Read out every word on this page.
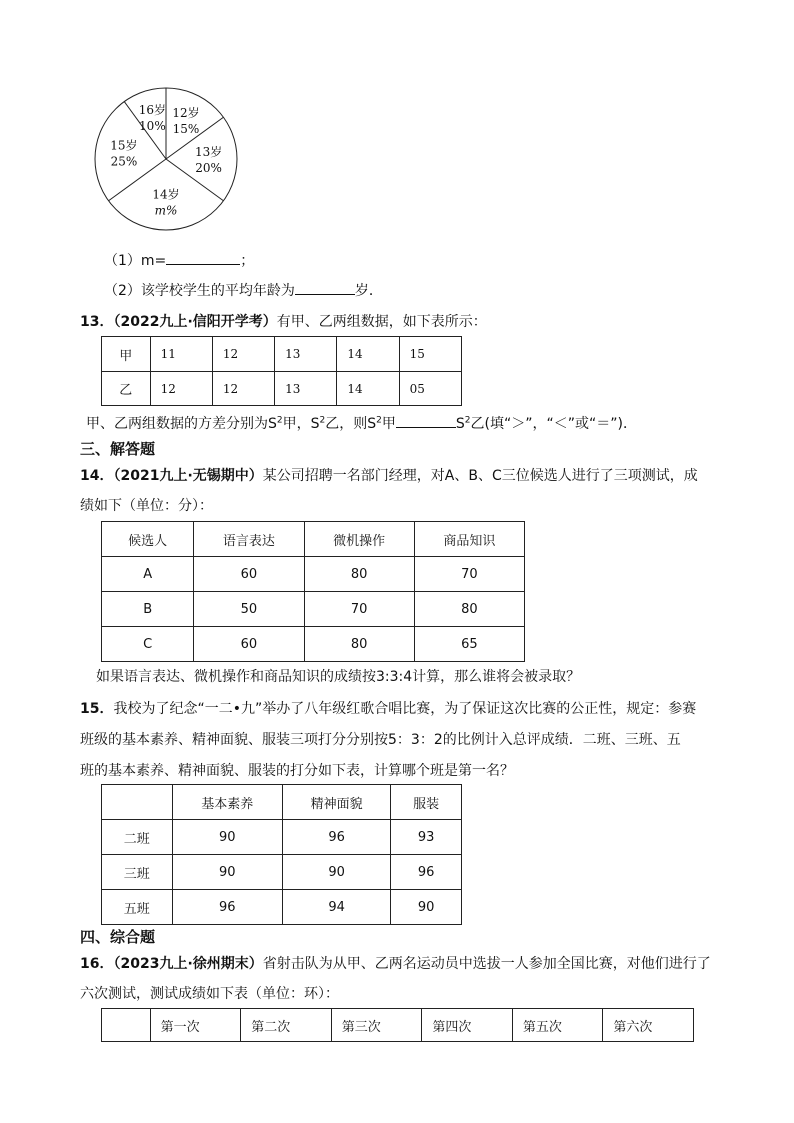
12岁
15%
13岁
20%
14岁
m%
15岁
25%
16岁
10%
（1）m=	；
（2）该学校学生的平均年龄为	岁．
13．（2022九上·信阳开学考）有甲、乙两组数据，如下表所示：
甲	11	12	13	14	15
乙	12	12	13	14	05
甲、乙两组数据的方差分别为$S^2$甲，$S^2$乙，则$S^2$甲	$S^2$乙(填“＞”，“＜”或“＝”)．
三、解答题
14．（2021九上·无锡期中）某公司招聘一名部门经理，对A、B、C三位候选人进行了三项测试，成
绩如下（单位：分）：
候选人	语言表达	微机操作	商品知识
A	60	80	70
B	50	70	80
C	60	80	65
如果语言表达、微机操作和商品知识的成绩按3:3:4计算，那么谁将会被录取？
15．我校为了纪念“一二•九”举办了八年级红歌合唱比赛，为了保证这次比赛的公正性，规定：参赛
班级的基本素养、精神面貌、服装三项打分分别按5：3：2的比例计入总评成绩．二班、三班、五
班的基本素养、精神面貌、服装的打分如下表，计算哪个班是第一名？
	基本素养	精神面貌	服装
二班	90	96	93
三班	90	90	96
五班	96	94	90
四、综合题
16．（2023九上·徐州期末）省射击队为从甲、乙两名运动员中选拔一人参加全国比赛，对他们进行了
六次测试，测试成绩如下表（单位：环）：
	第一次	第二次	第三次	第四次	第五次	第六次
